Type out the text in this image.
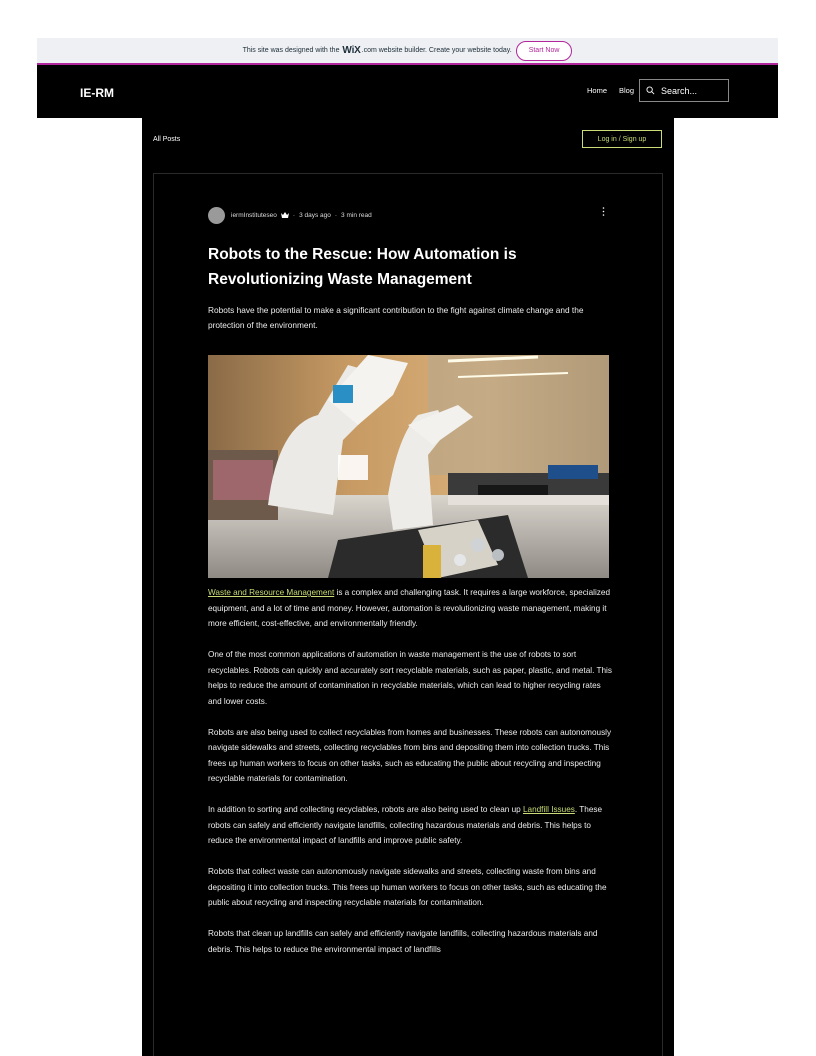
This site was designed with the
WiX .com website builder. Create your website today.	Start Now
IE-RM	Home Blog	Search...
All Posts	Log in / Sign up
iermInstituteseo · 3 days ago · 3 min read
Robots to the Rescue: How Automation is Revolutionizing Waste Management

Robots have the potential to make a significant contribution to the fight against climate change and the protection of the environment.

Waste and Resource Management is a complex and challenging task. It requires a large workforce, specialized equipment, and a lot of time and money. However, automation is revolutionizing waste management, making it more efficient, cost-effective, and environmentally friendly.

One of the most common applications of automation in waste management is the use of robots to sort recyclables. Robots can quickly and accurately sort recyclable materials, such as paper, plastic, and metal. This helps to reduce the amount of contamination in recyclable materials, which can lead to higher recycling rates and lower costs.

Robots are also being used to collect recyclables from homes and businesses. These robots can autonomously navigate sidewalks and streets, collecting recyclables from bins and depositing them into collection trucks. This frees up human workers to focus on other tasks, such as educating the public about recycling and inspecting recyclable materials for contamination.

In addition to sorting and collecting recyclables, robots are also being used to clean up Landfill Issues. These robots can safely and efficiently navigate landfills, collecting hazardous materials and debris. This helps to reduce the environmental impact of landfills and improve public safety.

Robots that collect waste can autonomously navigate sidewalks and streets, collecting waste from bins and depositing it into collection trucks. This frees up human workers to focus on other tasks, such as educating the public about recycling and inspecting recyclable materials for contamination.

Robots that clean up landfills can safely and efficiently navigate landfills, collecting hazardous materials and debris. This helps to reduce the environmental impact of landfills
